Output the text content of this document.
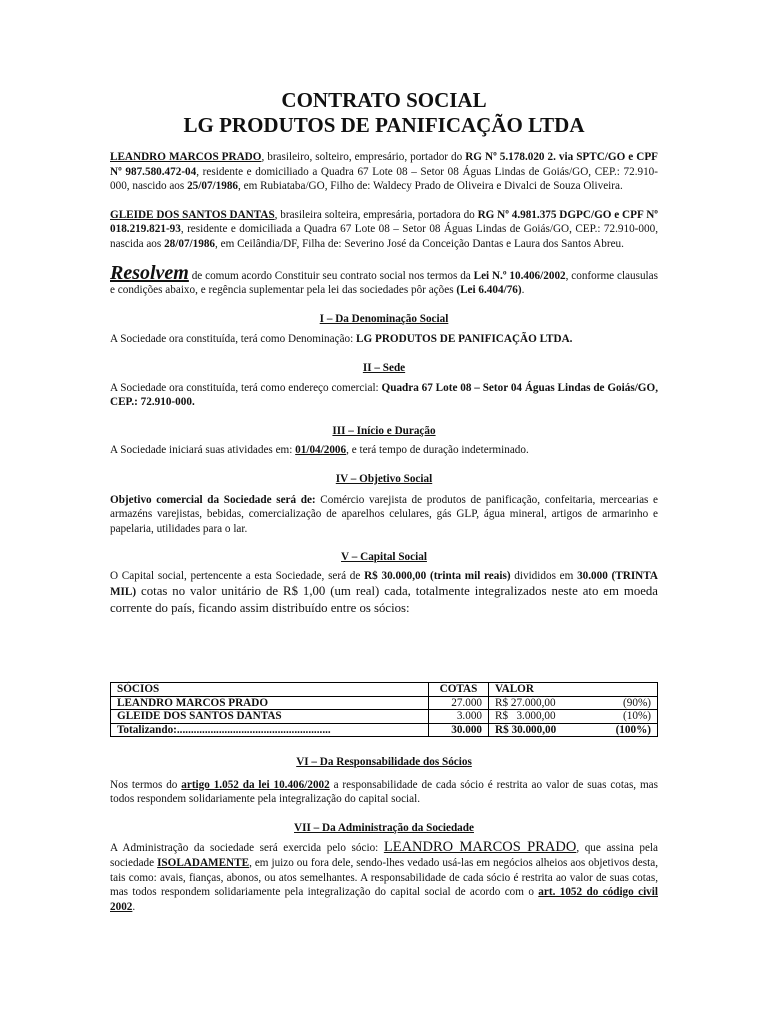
CONTRATO SOCIAL

LG PRODUTOS DE PANIFICAÇÃO LTDA

LEANDRO MARCOS PRADO, brasileiro, solteiro, empresário, portador do RG Nº 5.178.020 2. via SPTC/GO e CPF Nº 987.580.472-04, residente e domiciliado a Quadra 67 Lote 08 – Setor 08 Águas Lindas de Goiás/GO, CEP.: 72.910-000, nascido aos 25/07/1986, em Rubiataba/GO, Filho de: Waldecy Prado de Oliveira e Divalci de Souza Oliveira.

GLEIDE DOS SANTOS DANTAS, brasileira solteira, empresária, portadora do RG Nº 4.981.375 DGPC/GO e CPF Nº 018.219.821-93, residente e domiciliada a Quadra 67 Lote 08 – Setor 08 Águas Lindas de Goiás/GO, CEP.: 72.910-000, nascida aos 28/07/1986, em Ceilândia/DF, Filha de: Severino José da Conceição Dantas e Laura dos Santos Abreu.

Resolvem de comum acordo Constituir seu contrato social nos termos da Lei N.º 10.406/2002, conforme clausulas e condições abaixo, e regência suplementar pela lei das sociedades pôr ações (Lei 6.404/76).

I – Da Denominação Social

A Sociedade ora constituída, terá como Denominação: LG PRODUTOS DE PANIFICAÇÃO LTDA.

II – Sede

A Sociedade ora constituída, terá como endereço comercial: Quadra 67 Lote 08 – Setor 04 Águas Lindas de Goiás/GO, CEP.: 72.910-000.

III – Início e Duração

A Sociedade iniciará suas atividades em: 01/04/2006, e terá tempo de duração indeterminado.

IV – Objetivo Social

Objetivo comercial da Sociedade será de: Comércio varejista de produtos de panificação, confeitaria, mercearias e armazéns varejistas, bebidas, comercialização de aparelhos celulares, gás GLP, água mineral, artigos de armarinho e papelaria, utilidades para o lar.

V – Capital Social

O Capital social, pertencente a esta Sociedade, será de R$ 30.000,00 (trinta mil reais) divididos em 30.000 (TRINTA MIL) cotas no valor unitário de R$ 1,00 (um real) cada, totalmente integralizados neste ato em moeda corrente do país, ficando assim distribuído entre os sócios:

SÓCIOS	COTAS	VALOR	
LEANDRO MARCOS PRADO	27.000	R$ 27.000,00	(90%)
GLEIDE DOS SANTOS DANTAS	3.000	R$   3.000,00	(10%)
Totalizando:.......................................................	30.000	R$ 30.000,00	(100%)

VI – Da Responsabilidade dos Sócios

Nos termos do artigo 1.052 da lei 10.406/2002 a responsabilidade de cada sócio é restrita ao valor de suas cotas, mas todos respondem solidariamente pela integralização do capital social.

VII – Da Administração da Sociedade

A Administração da sociedade será exercida pelo sócio: LEANDRO MARCOS PRADO, que assina pela sociedade ISOLADAMENTE, em juizo ou fora dele, sendo-lhes vedado usá-las em negócios alheios aos objetivos desta, tais como: avais, fianças, abonos, ou atos semelhantes. A responsabilidade de cada sócio é restrita ao valor de suas cotas, mas todos respondem solidariamente pela integralização do capital social de acordo com o art. 1052 do código civil 2002.
